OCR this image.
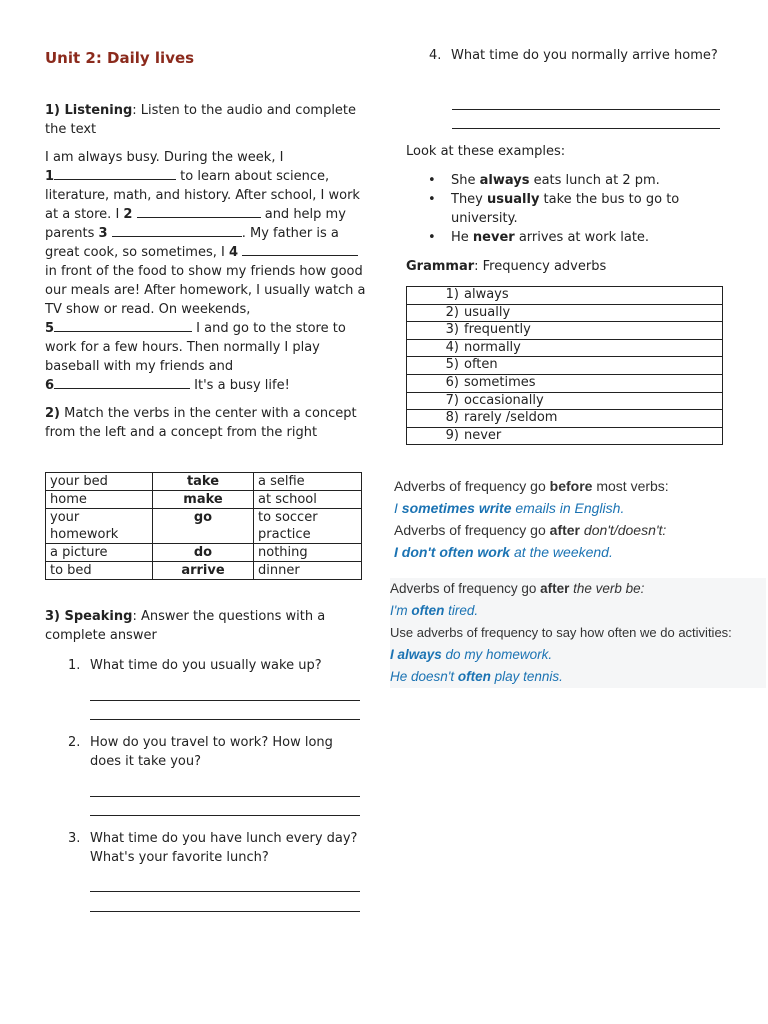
Unit 2: Daily lives
1) Listening: Listen to the audio and complete the text
I am always busy. During the week, I
1	to learn about science, literature, math, and history. After school, I work at a store. I 2	and help my parents 3	. My father is a great cook, so sometimes, I 4  in front of the food to show my friends how good our meals are! After homework, I usually watch a TV show or read. On weekends,
5	I and go to the store to work for a few hours. Then normally I play baseball with my friends and
6	It's a busy life!
2) Match the verbs in the center with a concept from the left and a concept from the right
your bed	take	a selfie
home	make	at school
your homework	go	to soccer practice
a picture	do	nothing
to bed	arrive	dinner
3) Speaking: Answer the questions with a complete answer
1. What time do you usually wake up?
2. How do you travel to work? How long does it take you?
3. What time do you have lunch every day? What's your favorite lunch?
4. What time do you normally arrive home?
Look at these examples:
• She always eats lunch at 2 pm.
• They usually take the bus to go to university.
• He never arrives at work late.
Grammar: Frequency adverbs
1) always
2) usually
3) frequently
4) normally
5) often
6) sometimes
7) occasionally
8) rarely /seldom
9) never
Adverbs of frequency go before most verbs:
I sometimes write emails in English.
Adverbs of frequency go after don't/doesn't:
I don't often work at the weekend.
Adverbs of frequency go after the verb be:
I'm often tired.
Use adverbs of frequency to say how often we do activities:
I always do my homework.
He doesn't often play tennis.
